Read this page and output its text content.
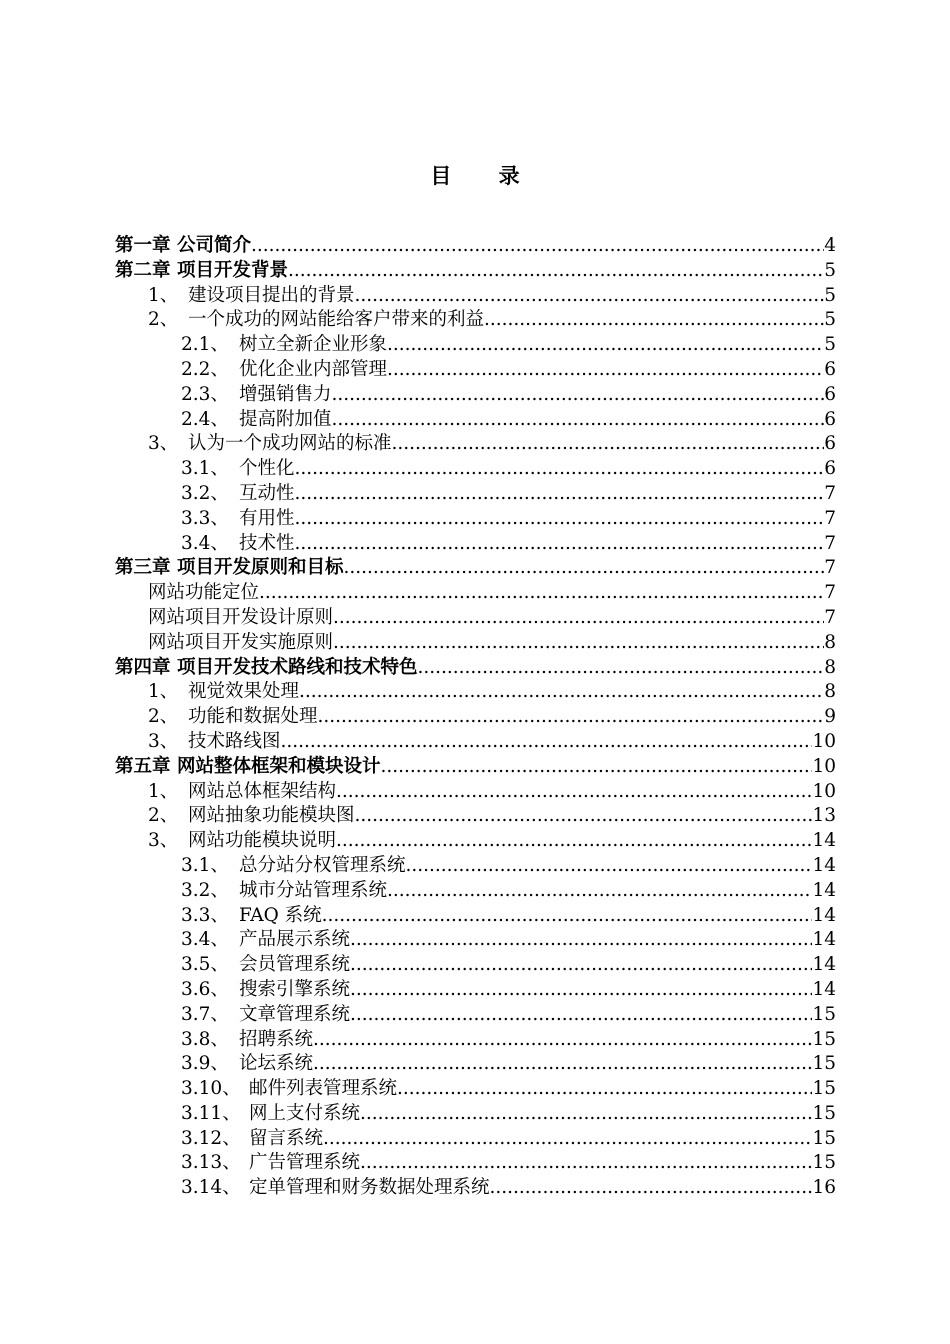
目 录
第一章 公司简介 .....	4
第二章 项目开发背景 .....	5
1、 建设项目提出的背景 .....	5
2、 一个成功的网站能给客户带来的利益 .....	5
2.1、 树立全新企业形象 .....	5
2.2、 优化企业内部管理 .....	6
2.3、 增强销售力 .....	6
2.4、 提高附加值 .....	6
3、 认为一个成功网站的标准 .....	6
3.1、 个性化 .....	6
3.2、 互动性 .....	7
3.3、 有用性 .....	7
3.4、 技术性 .....	7
第三章 项目开发原则和目标 .....	7
网站功能定位 .....	7
网站项目开发设计原则 .....	7
网站项目开发实施原则 .....	8
第四章 项目开发技术路线和技术特色 .....	8
1、 视觉效果处理 .....	8
2、 功能和数据处理 .....	9
3、 技术路线图 .....	10
第五章 网站整体框架和模块设计 .....	10
1、 网站总体框架结构 .....	10
2、 网站抽象功能模块图 .....	13
3、 网站功能模块说明 .....	14
3.1、 总分站分权管理系统 .....	14
3.2、 城市分站管理系统 .....	14
3.3、 FAQ 系统 .....	14
3.4、 产品展示系统 .....	14
3.5、 会员管理系统 .....	14
3.6、 搜索引擎系统 .....	14
3.7、 文章管理系统 .....	15
3.8、 招聘系统 .....	15
3.9、 论坛系统 .....	15
3.10、 邮件列表管理系统 .....	15
3.11、 网上支付系统 .....	15
3.12、 留言系统 .....	15
3.13、 广告管理系统 .....	15
3.14、 定单管理和财务数据处理系统 .....	16
